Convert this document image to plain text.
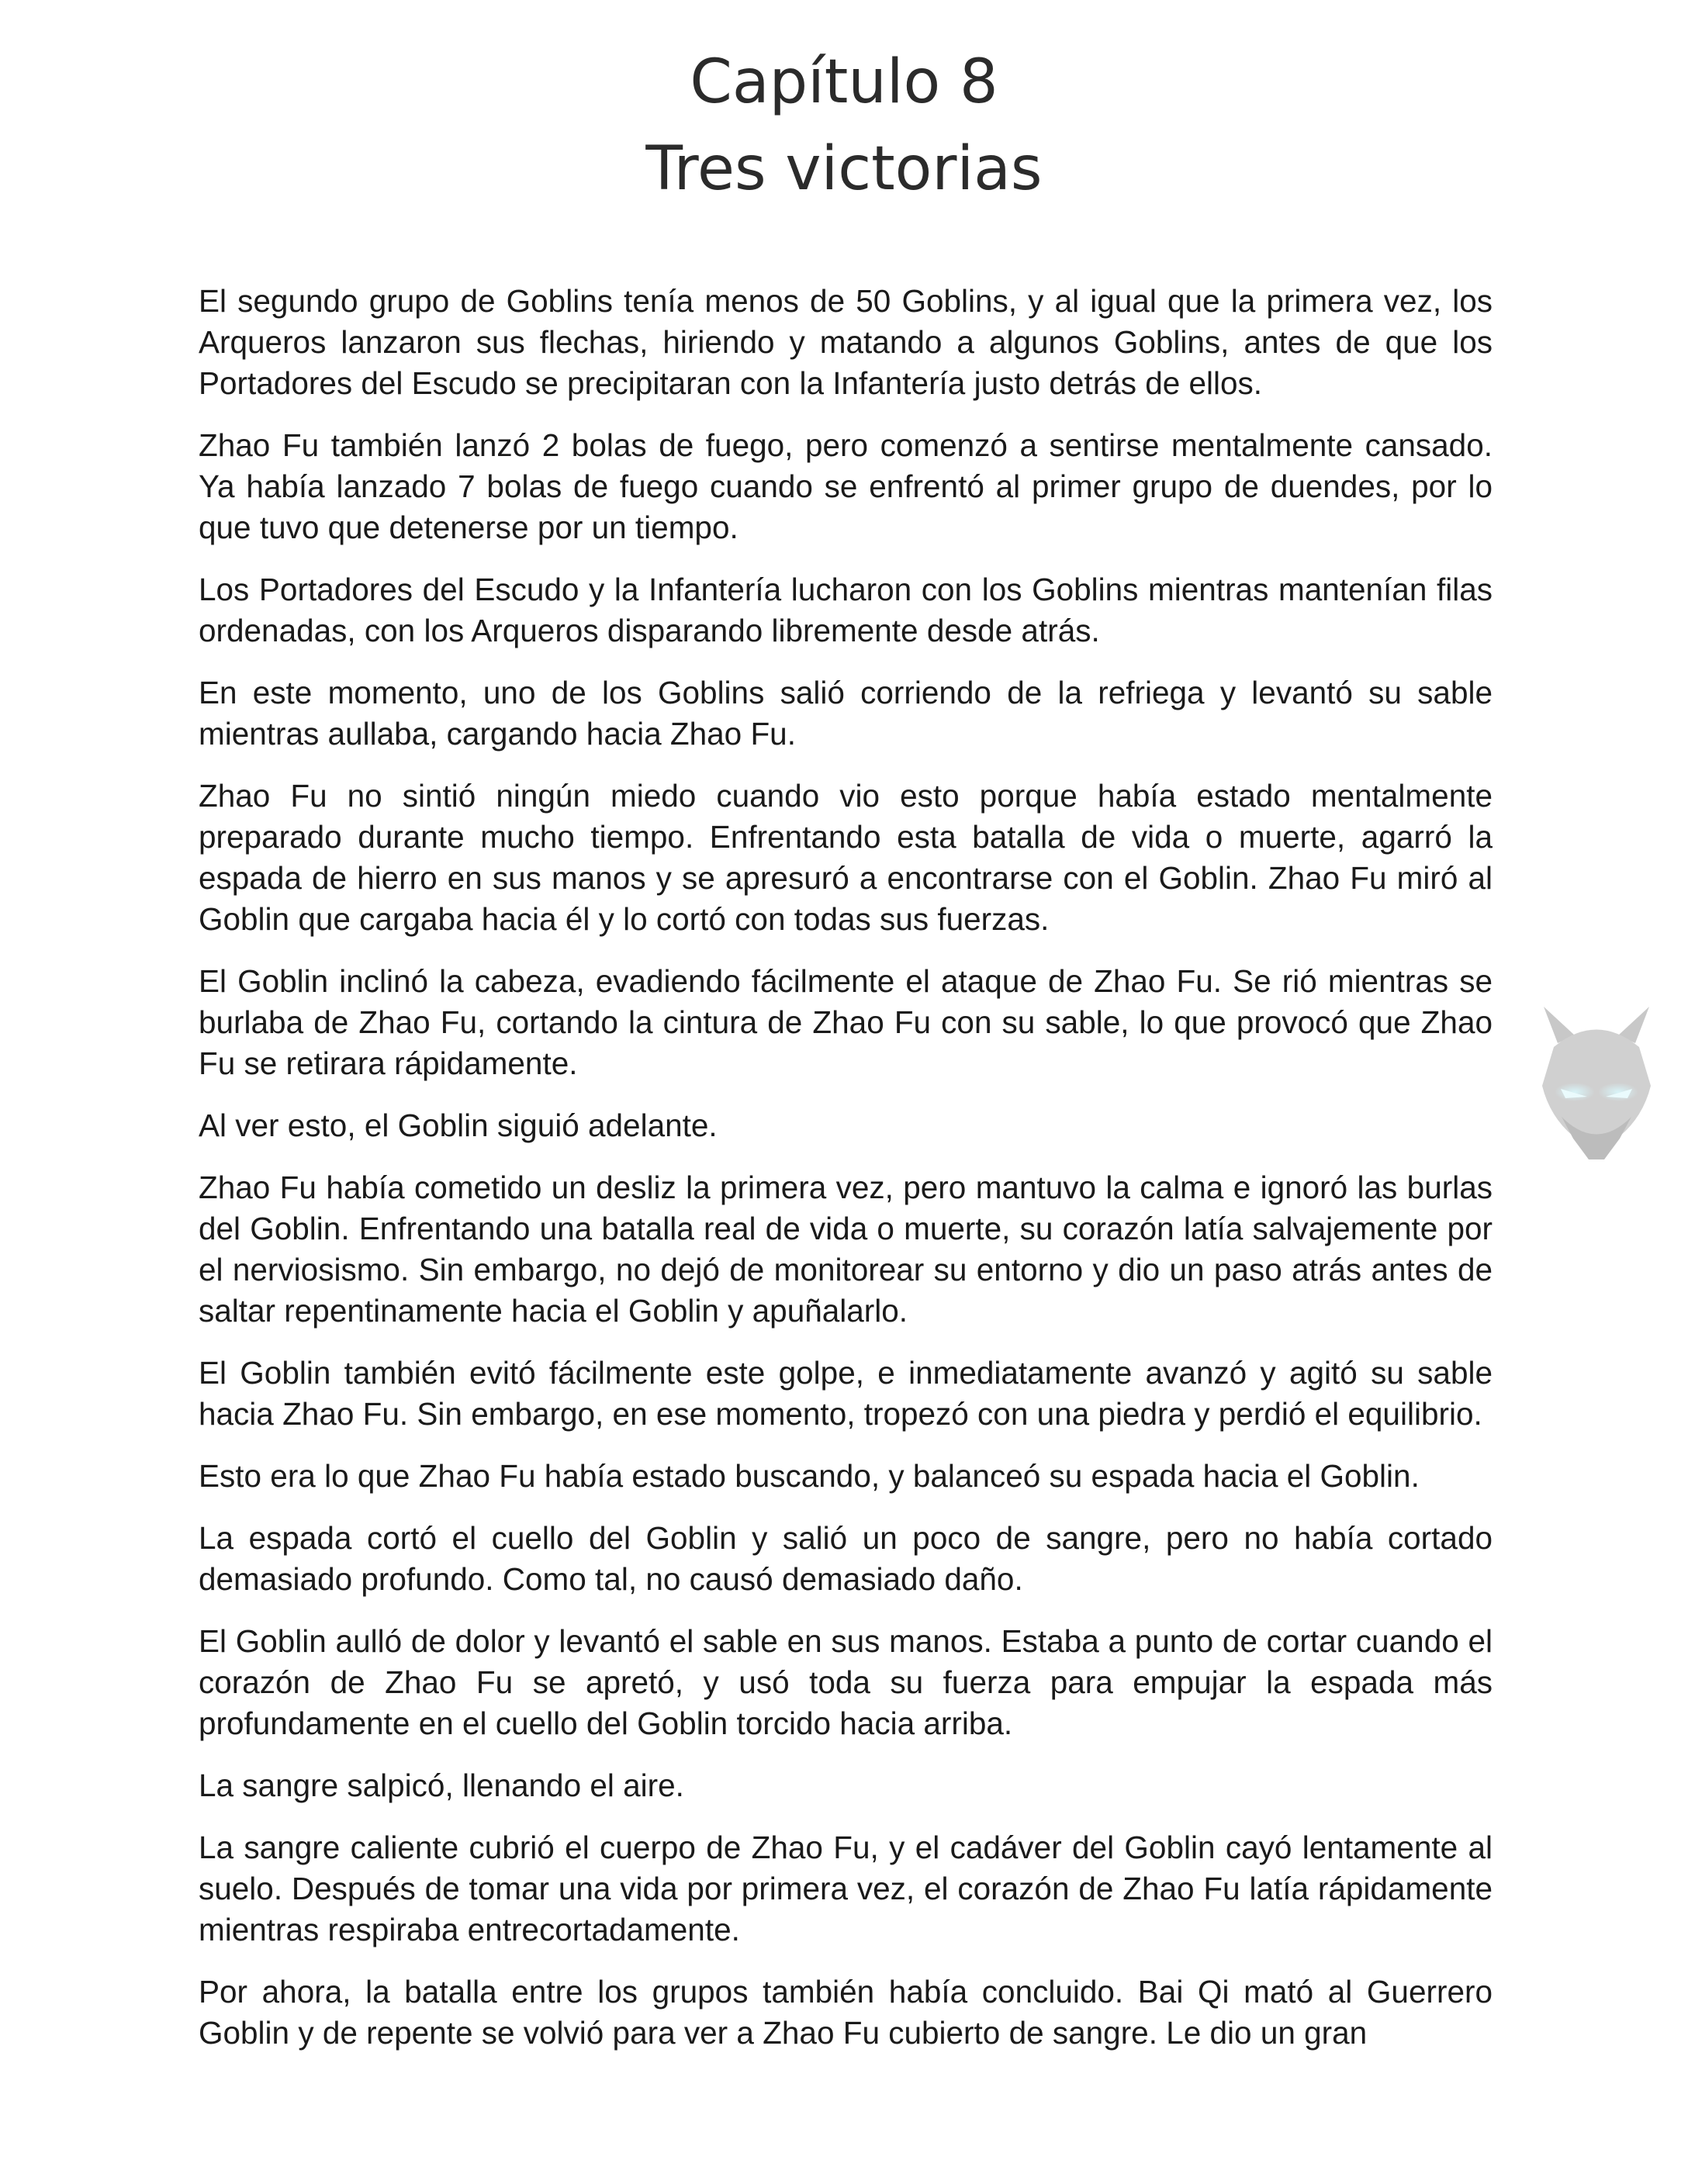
Capítulo 8
Tres victorias

El segundo grupo de Goblins tenía menos de 50 Goblins, y al igual que la primera vez, los Arqueros lanzaron sus flechas, hiriendo y matando a algunos Goblins, antes de que los Portadores del Escudo se precipitaran con la Infantería justo detrás de ellos.

Zhao Fu también lanzó 2 bolas de fuego, pero comenzó a sentirse mentalmente cansado. Ya había lanzado 7 bolas de fuego cuando se enfrentó al primer grupo de duendes, por lo que tuvo que detenerse por un tiempo.

Los Portadores del Escudo y la Infantería lucharon con los Goblins mientras mantenían filas ordenadas, con los Arqueros disparando libremente desde atrás.

En este momento, uno de los Goblins salió corriendo de la refriega y levantó su sable mientras aullaba, cargando hacia Zhao Fu.

Zhao Fu no sintió ningún miedo cuando vio esto porque había estado mentalmente preparado durante mucho tiempo. Enfrentando esta batalla de vida o muerte, agarró la espada de hierro en sus manos y se apresuró a encontrarse con el Goblin. Zhao Fu miró al Goblin que cargaba hacia él y lo cortó con todas sus fuerzas.

El Goblin inclinó la cabeza, evadiendo fácilmente el ataque de Zhao Fu. Se rió mientras se burlaba de Zhao Fu, cortando la cintura de Zhao Fu con su sable, lo que provocó que Zhao Fu se retirara rápidamente.

Al ver esto, el Goblin siguió adelante.

Zhao Fu había cometido un desliz la primera vez, pero mantuvo la calma e ignoró las burlas del Goblin. Enfrentando una batalla real de vida o muerte, su corazón latía salvajemente por el nerviosismo. Sin embargo, no dejó de monitorear su entorno y dio un paso atrás antes de saltar repentinamente hacia el Goblin y apuñalarlo.

El Goblin también evitó fácilmente este golpe, e inmediatamente avanzó y agitó su sable hacia Zhao Fu. Sin embargo, en ese momento, tropezó con una piedra y perdió el equilibrio.

Esto era lo que Zhao Fu había estado buscando, y balanceó su espada hacia el Goblin.

La espada cortó el cuello del Goblin y salió un poco de sangre, pero no había cortado demasiado profundo. Como tal, no causó demasiado daño.

El Goblin aulló de dolor y levantó el sable en sus manos. Estaba a punto de cortar cuando el corazón de Zhao Fu se apretó, y usó toda su fuerza para empujar la espada más profundamente en el cuello del Goblin torcido hacia arriba.

La sangre salpicó, llenando el aire.

La sangre caliente cubrió el cuerpo de Zhao Fu, y el cadáver del Goblin cayó lentamente al suelo. Después de tomar una vida por primera vez, el corazón de Zhao Fu latía rápidamente mientras respiraba entrecortadamente.

Por ahora, la batalla entre los grupos también había concluido. Bai Qi mató al Guerrero Goblin y de repente se volvió para ver a Zhao Fu cubierto de sangre. Le dio un gran
